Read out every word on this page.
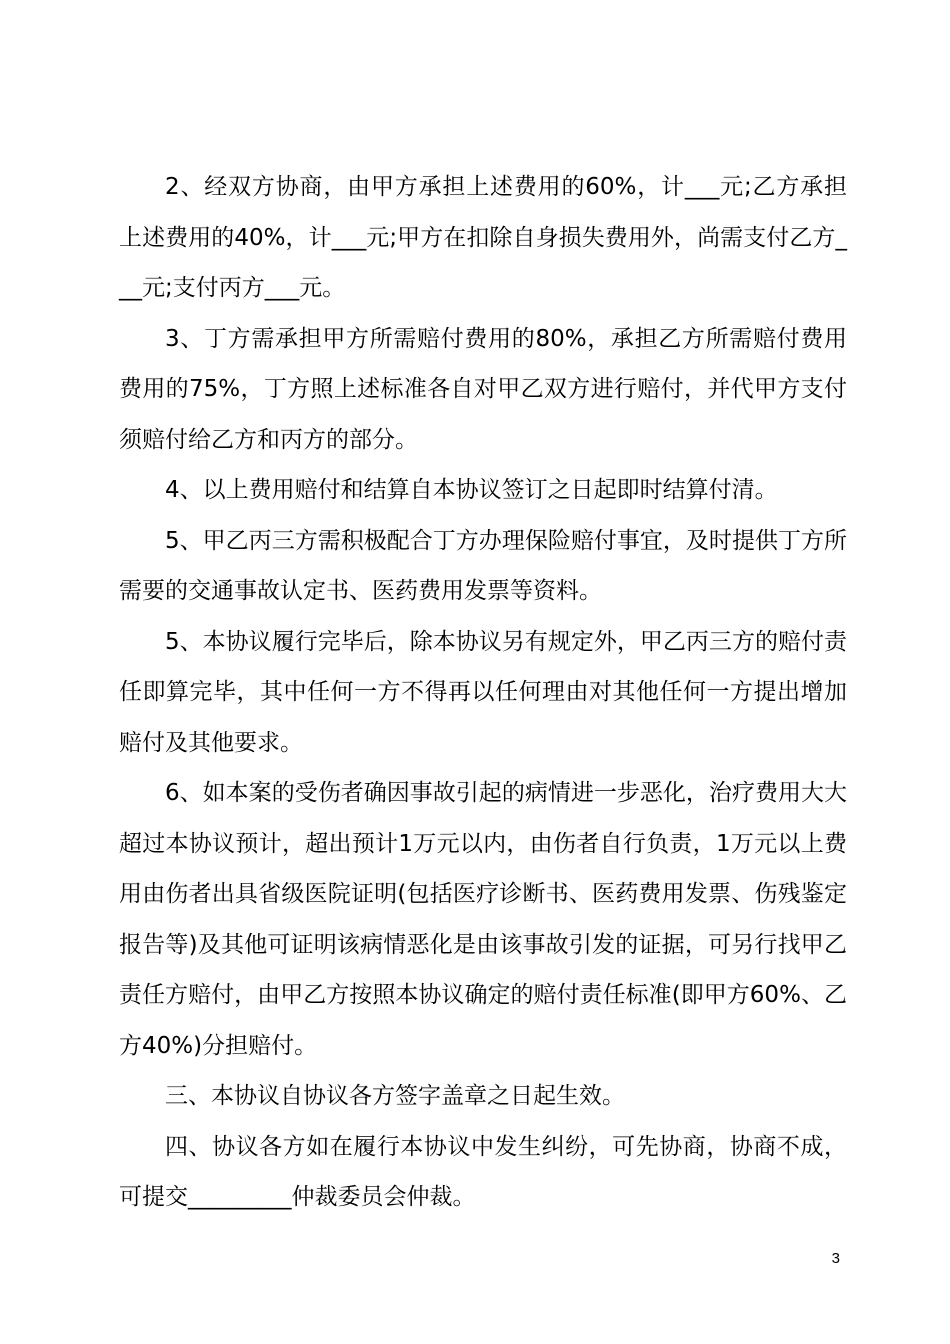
2、经双方协商，由甲方承担上述费用的60%，计___元;乙方承担上述费用的40%，计___元;甲方在扣除自身损失费用外，尚需支付乙方___元;支付丙方___元。

3、丁方需承担甲方所需赔付费用的80%，承担乙方所需赔付费用费用的75%，丁方照上述标准各自对甲乙双方进行赔付，并代甲方支付须赔付给乙方和丙方的部分。

4、以上费用赔付和结算自本协议签订之日起即时结算付清。

5、甲乙丙三方需积极配合丁方办理保险赔付事宜，及时提供丁方所需要的交通事故认定书、医药费用发票等资料。

5、本协议履行完毕后，除本协议另有规定外，甲乙丙三方的赔付责任即算完毕，其中任何一方不得再以任何理由对其他任何一方提出增加赔付及其他要求。

6、如本案的受伤者确因事故引起的病情进一步恶化，治疗费用大大超过本协议预计，超出预计1万元以内，由伤者自行负责，1万元以上费用由伤者出具省级医院证明(包括医疗诊断书、医药费用发票、伤残鉴定报告等)及其他可证明该病情恶化是由该事故引发的证据，可另行找甲乙责任方赔付，由甲乙方按照本协议确定的赔付责任标准(即甲方60%、乙方40%)分担赔付。

三、本协议自协议各方签字盖章之日起生效。

四、协议各方如在履行本协议中发生纠纷，可先协商，协商不成，可提交_________仲裁委员会仲裁。

3
